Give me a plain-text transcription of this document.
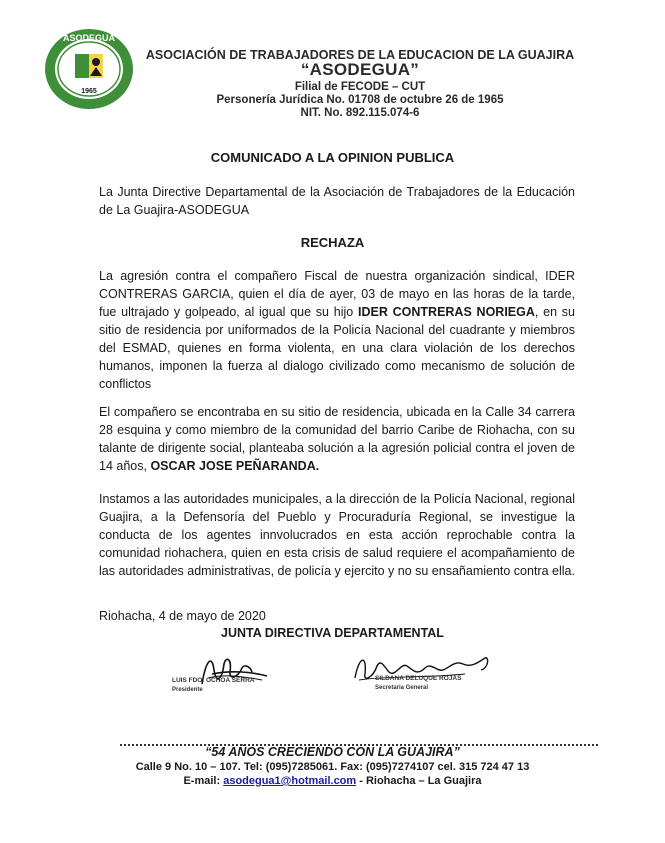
ASODEGUA
1965
ASOCIACIÓN DE TRABAJADORES DE LA EDUCACION DE LA GUAJIRA
“ASODEGUA”
Filial de FECODE – CUT
Personería Jurídica No. 01708 de octubre 26 de 1965
NIT. No. 892.115.074-6
COMUNICADO A LA OPINION PUBLICA

La Junta Directive Departamental de la Asociación de Trabajadores de la Educación de La Guajira-ASODEGUA

RECHAZA

La agresión contra el compañero Fiscal de nuestra organización sindical, IDER CONTRERAS GARCIA, quien el día de ayer, 03 de mayo en las horas de la tarde, fue ultrajado y golpeado, al igual que su hijo IDER CONTRERAS NORIEGA, en su sitio de residencia por uniformados de la Policía Nacional del cuadrante y miembros del ESMAD, quienes en forma violenta, en una clara violación de los derechos humanos, imponen la fuerza al dialogo civilizado como mecanismo de solución de conflictos

El compañero se encontraba en su sitio de residencia, ubicada en la Calle 34 carrera 28 esquina y como miembro de la comunidad del barrio Caribe de Riohacha, con su talante de dirigente social, planteaba solución a la agresión policial contra el joven de 14 años, OSCAR JOSE PEÑARANDA.

Instamos a las autoridades municipales, a la dirección de la Policía Nacional, regional Guajira, a la Defensoría del Pueblo y Procuraduría Regional, se investigue la conducta de los agentes innvolucrados en esta acción reprochable contra la comunidad riohachera, quien en esta crisis de salud requiere el acompañamiento de las autoridades administrativas, de policía y ejercito y no su ensañamiento contra ella.

Riohacha, 4 de mayo de 2020
JUNTA DIRECTIVA DEPARTAMENTAL
LUIS FDO. OCHOA SERRA
Presidente
SILDANA DELUQUE ROJAS
Secretaria General
“54 AÑOS CRECIENDO CON LA GUAJIRA”
Calle 9 No. 10 – 107. Tel: (095)7285061. Fax: (095)7274107 cel. 315 724 47 13
E-mail: asodegua1@hotmail.com - Riohacha – La Guajira
